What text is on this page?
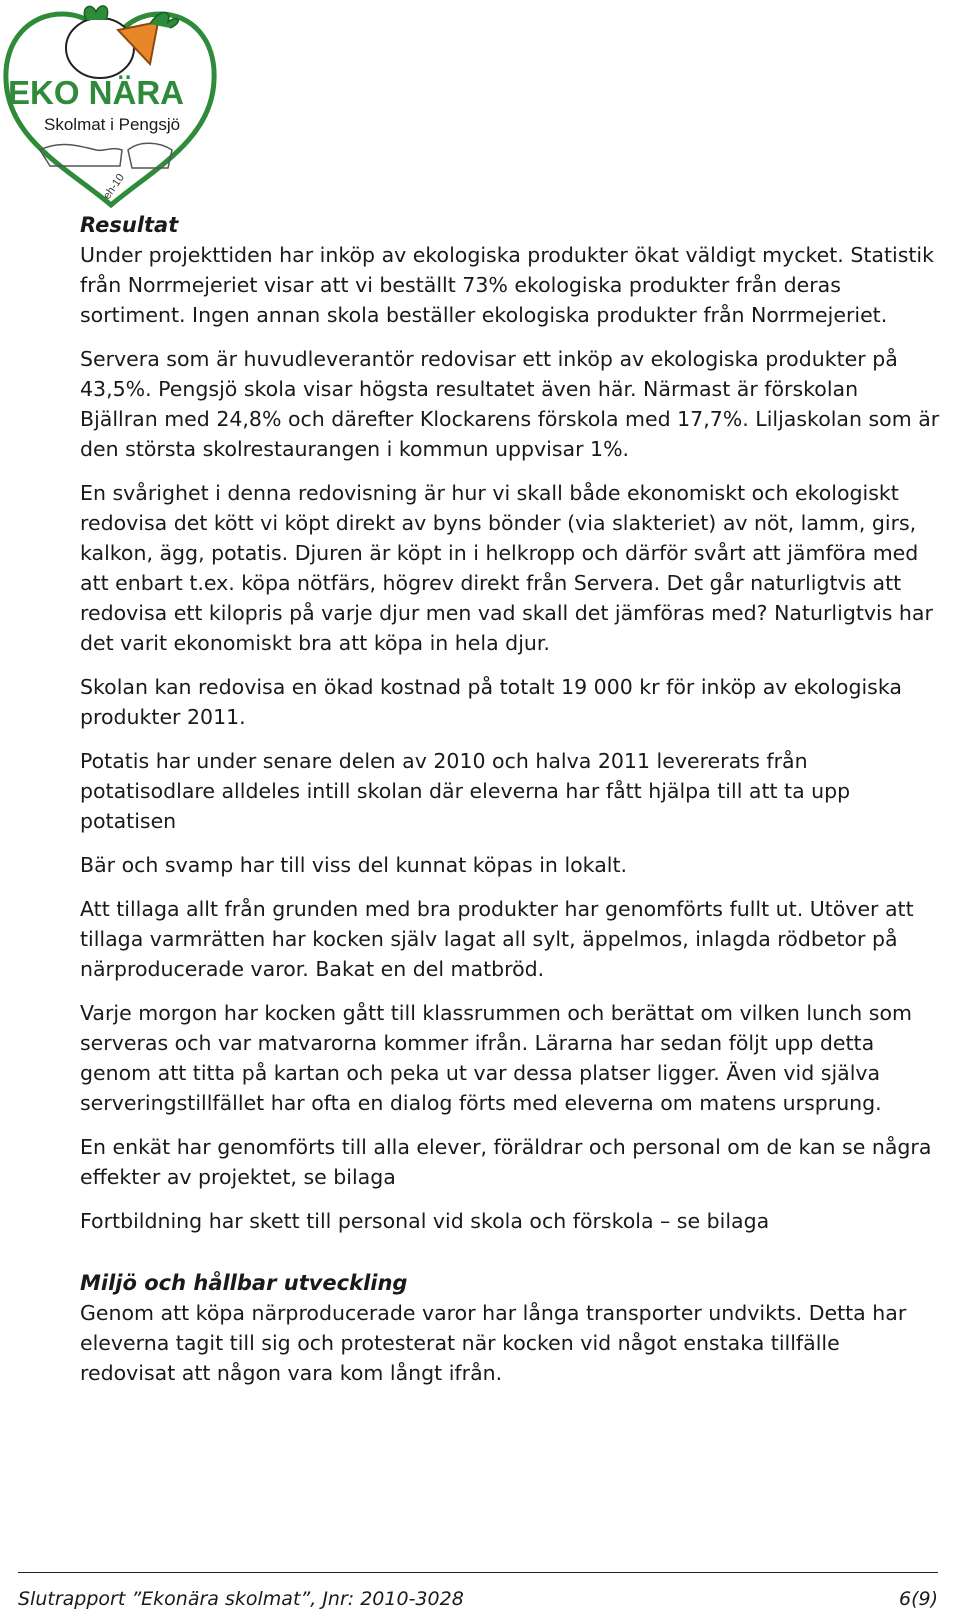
EKO NÄRA
Skolmat i Pengsjö
eh-10
Resultat

Under projekttiden har inköp av ekologiska produkter ökat väldigt mycket. Statistik från Norrmejeriet visar att vi beställt 73% ekologiska produkter från deras sortiment. Ingen annan skola beställer ekologiska produkter från Norrmejeriet.

Servera som är huvudleverantör redovisar ett inköp av ekologiska produkter på 43,5%. Pengsjö skola visar högsta resultatet även här. Närmast är förskolan Bjällran med 24,8% och därefter Klockarens förskola med 17,7%. Liljaskolan som är den största skolrestaurangen i kommun uppvisar 1%.

En svårighet i denna redovisning är hur vi skall både ekonomiskt och ekologiskt redovisa det kött vi köpt direkt av byns bönder (via slakteriet) av nöt, lamm, girs, kalkon, ägg, potatis. Djuren är köpt in i helkropp och därför svårt att jämföra med att enbart t.ex. köpa nötfärs, högrev direkt från Servera. Det går naturligtvis att redovisa ett kilopris på varje djur men vad skall det jämföras med? Naturligtvis har det varit ekonomiskt bra att köpa in hela djur.

Skolan kan redovisa en ökad kostnad på totalt 19 000 kr för inköp av ekologiska produkter 2011.

Potatis har under senare delen av 2010 och halva 2011 levererats från potatisodlare alldeles intill skolan där eleverna har fått hjälpa till att ta upp potatisen

Bär och svamp har till viss del kunnat köpas in lokalt.

Att tillaga allt från grunden med bra produkter har genomförts fullt ut. Utöver att tillaga varmrätten har kocken själv lagat all sylt, äppelmos, inlagda rödbetor på närproducerade varor. Bakat en del matbröd.

Varje morgon har kocken gått till klassrummen och berättat om vilken lunch som serveras och var matvarorna kommer ifrån. Lärarna har sedan följt upp detta genom att titta på kartan och peka ut var dessa platser ligger. Även vid själva serveringstillfället har ofta en dialog förts med eleverna om matens ursprung.

En enkät har genomförts till alla elever, föräldrar och personal om de kan se några effekter av projektet, se bilaga

Fortbildning har skett till personal vid skola och förskola – se bilaga

Miljö och hållbar utveckling

Genom att köpa närproducerade varor har långa transporter undvikts. Detta har eleverna tagit till sig och protesterat när kocken vid något enstaka tillfälle redovisat att någon vara kom långt ifrån.

Slutrapport ”Ekonära skolmat”, Jnr: 2010-3028	6(9)
